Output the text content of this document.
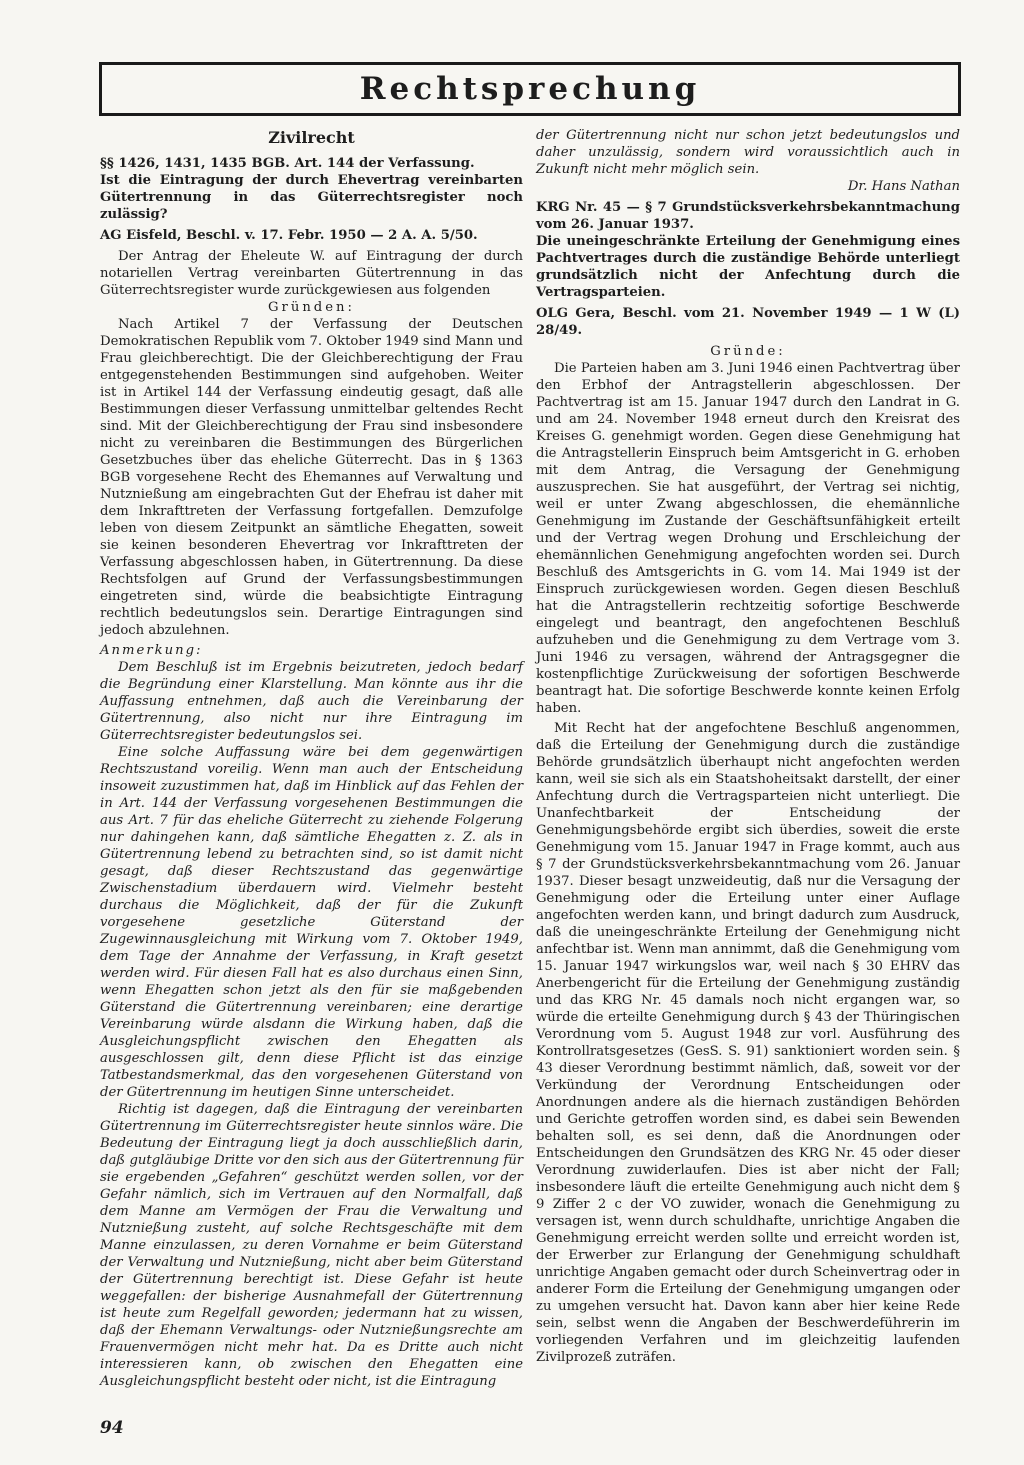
Rechtsprechung

Zivilrecht

§§ 1426, 1431, 1435 BGB. Art. 144 der Verfassung.

Ist die Eintragung der durch Ehevertrag vereinbarten Gütertrennung in das Güterrechtsregister noch zulässig?

AG Eisfeld, Beschl. v. 17. Febr. 1950 — 2 A. A. 5/50.

Der Antrag der Eheleute W. auf Eintragung der durch notariellen Vertrag vereinbarten Gütertrennung in das Güterrechtsregister wurde zurückgewiesen aus folgenden

Gründen:

Nach Artikel 7 der Verfassung der Deutschen Demokratischen Republik vom 7. Oktober 1949 sind Mann und Frau gleichberechtigt. Die der Gleichberechtigung der Frau entgegenstehenden Bestimmungen sind aufgehoben. Weiter ist in Artikel 144 der Verfassung eindeutig gesagt, daß alle Bestimmungen dieser Verfassung unmittelbar geltendes Recht sind. Mit der Gleichberechtigung der Frau sind insbesondere nicht zu vereinbaren die Bestimmungen des Bürgerlichen Gesetzbuches über das eheliche Güterrecht. Das in § 1363 BGB vorgesehene Recht des Ehemannes auf Verwaltung und Nutznießung am eingebrachten Gut der Ehefrau ist daher mit dem Inkrafttreten der Verfassung fortgefallen. Demzufolge leben von diesem Zeitpunkt an sämtliche Ehegatten, soweit sie keinen besonderen Ehevertrag vor Inkrafttreten der Verfassung abgeschlossen haben, in Gütertrennung. Da diese Rechtsfolgen auf Grund der Verfassungsbestimmungen eingetreten sind, würde die beabsichtigte Eintragung rechtlich bedeutungslos sein. Derartige Eintragungen sind jedoch abzulehnen.

Anmerkung:

Dem Beschluß ist im Ergebnis beizutreten, jedoch bedarf die Begründung einer Klarstellung. Man könnte aus ihr die Auffassung entnehmen, daß auch die Vereinbarung der Gütertrennung, also nicht nur ihre Eintragung im Güterrechtsregister bedeutungslos sei.

Eine solche Auffassung wäre bei dem gegenwärtigen Rechtszustand voreilig. Wenn man auch der Entscheidung insoweit zuzustimmen hat, daß im Hinblick auf das Fehlen der in Art. 144 der Verfassung vorgesehenen Bestimmungen die aus Art. 7 für das eheliche Güterrecht zu ziehende Folgerung nur dahingehen kann, daß sämtliche Ehegatten z. Z. als in Gütertrennung lebend zu betrachten sind, so ist damit nicht gesagt, daß dieser Rechtszustand das gegenwärtige Zwischenstadium überdauern wird. Vielmehr besteht durchaus die Möglichkeit, daß der für die Zukunft vorgesehene gesetzliche Güterstand der Zugewinnausgleichung mit Wirkung vom 7. Oktober 1949, dem Tage der Annahme der Verfassung, in Kraft gesetzt werden wird. Für diesen Fall hat es also durchaus einen Sinn, wenn Ehegatten schon jetzt als den für sie maßgebenden Güterstand die Gütertrennung vereinbaren; eine derartige Vereinbarung würde alsdann die Wirkung haben, daß die Ausgleichungspflicht zwischen den Ehegatten als ausgeschlossen gilt, denn diese Pflicht ist das einzige Tatbestandsmerkmal, das den vorgesehenen Güterstand von der Gütertrennung im heutigen Sinne unterscheidet.

Richtig ist dagegen, daß die Eintragung der vereinbarten Gütertrennung im Güterrechtsregister heute sinnlos wäre. Die Bedeutung der Eintragung liegt ja doch ausschließlich darin, daß gutgläubige Dritte vor den sich aus der Gütertrennung für sie ergebenden „Gefahren“ geschützt werden sollen, vor der Gefahr nämlich, sich im Vertrauen auf den Normalfall, daß dem Manne am Vermögen der Frau die Verwaltung und Nutznießung zusteht, auf solche Rechtsgeschäfte mit dem Manne einzulassen, zu deren Vornahme er beim Güterstand der Verwaltung und Nutznießung, nicht aber beim Güterstand der Gütertrennung berechtigt ist. Diese Gefahr ist heute weggefallen: der bisherige Ausnahmefall der Gütertrennung ist heute zum Regelfall geworden; jedermann hat zu wissen, daß der Ehemann Verwaltungs- oder Nutznießungsrechte am Frauenvermögen nicht mehr hat. Da es Dritte auch nicht interessieren kann, ob zwischen den Ehegatten eine Ausgleichungspflicht besteht oder nicht, ist die Eintragung

der Gütertrennung nicht nur schon jetzt bedeutungslos und daher unzulässig, sondern wird voraussichtlich auch in Zukunft nicht mehr möglich sein.

Dr. Hans Nathan

KRG Nr. 45 — § 7 Grundstücksverkehrsbekanntmachung vom 26. Januar 1937.

Die uneingeschränkte Erteilung der Genehmigung eines Pachtvertrages durch die zuständige Behörde unterliegt grundsätzlich nicht der Anfechtung durch die Vertragsparteien.

OLG Gera, Beschl. vom 21. November 1949 — 1 W (L) 28/49.

Gründe:

Die Parteien haben am 3. Juni 1946 einen Pachtvertrag über den Erbhof der Antragstellerin abgeschlossen. Der Pachtvertrag ist am 15. Januar 1947 durch den Landrat in G. und am 24. November 1948 erneut durch den Kreisrat des Kreises G. genehmigt worden. Gegen diese Genehmigung hat die Antragstellerin Einspruch beim Amtsgericht in G. erhoben mit dem Antrag, die Versagung der Genehmigung auszusprechen. Sie hat ausgeführt, der Vertrag sei nichtig, weil er unter Zwang abgeschlossen, die ehemännliche Genehmigung im Zustande der Geschäftsunfähigkeit erteilt und der Vertrag wegen Drohung und Erschleichung der ehemännlichen Genehmigung angefochten worden sei. Durch Beschluß des Amtsgerichts in G. vom 14. Mai 1949 ist der Einspruch zurückgewiesen worden. Gegen diesen Beschluß hat die Antragstellerin rechtzeitig sofortige Beschwerde eingelegt und beantragt, den angefochtenen Beschluß aufzuheben und die Genehmigung zu dem Vertrage vom 3. Juni 1946 zu versagen, während der Antragsgegner die kostenpflichtige Zurückweisung der sofortigen Beschwerde beantragt hat. Die sofortige Beschwerde konnte keinen Erfolg haben.

Mit Recht hat der angefochtene Beschluß angenommen, daß die Erteilung der Genehmigung durch die zuständige Behörde grundsätzlich überhaupt nicht angefochten werden kann, weil sie sich als ein Staatshoheitsakt darstellt, der einer Anfechtung durch die Vertragsparteien nicht unterliegt. Die Unanfechtbarkeit der Entscheidung der Genehmigungsbehörde ergibt sich überdies, soweit die erste Genehmigung vom 15. Januar 1947 in Frage kommt, auch aus § 7 der Grundstücksverkehrsbekanntmachung vom 26. Januar 1937. Dieser besagt unzweideutig, daß nur die Versagung der Genehmigung oder die Erteilung unter einer Auflage angefochten werden kann, und bringt dadurch zum Ausdruck, daß die uneingeschränkte Erteilung der Genehmigung nicht anfechtbar ist. Wenn man annimmt, daß die Genehmigung vom 15. Januar 1947 wirkungslos war, weil nach § 30 EHRV das Anerbengericht für die Erteilung der Genehmigung zuständig und das KRG Nr. 45 damals noch nicht ergangen war, so würde die erteilte Genehmigung durch § 43 der Thüringischen Verordnung vom 5. August 1948 zur vorl. Ausführung des Kontrollratsgesetzes (GesS. S. 91) sanktioniert worden sein. § 43 dieser Verordnung bestimmt nämlich, daß, soweit vor der Verkündung der Verordnung Entscheidungen oder Anordnungen andere als die hiernach zuständigen Behörden und Gerichte getroffen worden sind, es dabei sein Bewenden behalten soll, es sei denn, daß die Anordnungen oder Entscheidungen den Grundsätzen des KRG Nr. 45 oder dieser Verordnung zuwiderlaufen. Dies ist aber nicht der Fall; insbesondere läuft die erteilte Genehmigung auch nicht dem § 9 Ziffer 2 c der VO zuwider, wonach die Genehmigung zu versagen ist, wenn durch schuldhafte, unrichtige Angaben die Genehmigung erreicht werden sollte und erreicht worden ist, der Erwerber zur Erlangung der Genehmigung schuldhaft unrichtige Angaben gemacht oder durch Scheinvertrag oder in anderer Form die Erteilung der Genehmigung umgangen oder zu umgehen versucht hat. Davon kann aber hier keine Rede sein, selbst wenn die Angaben der Beschwerdeführerin im vorliegenden Verfahren und im gleichzeitig laufenden Zivilprozeß zuträfen.

94
